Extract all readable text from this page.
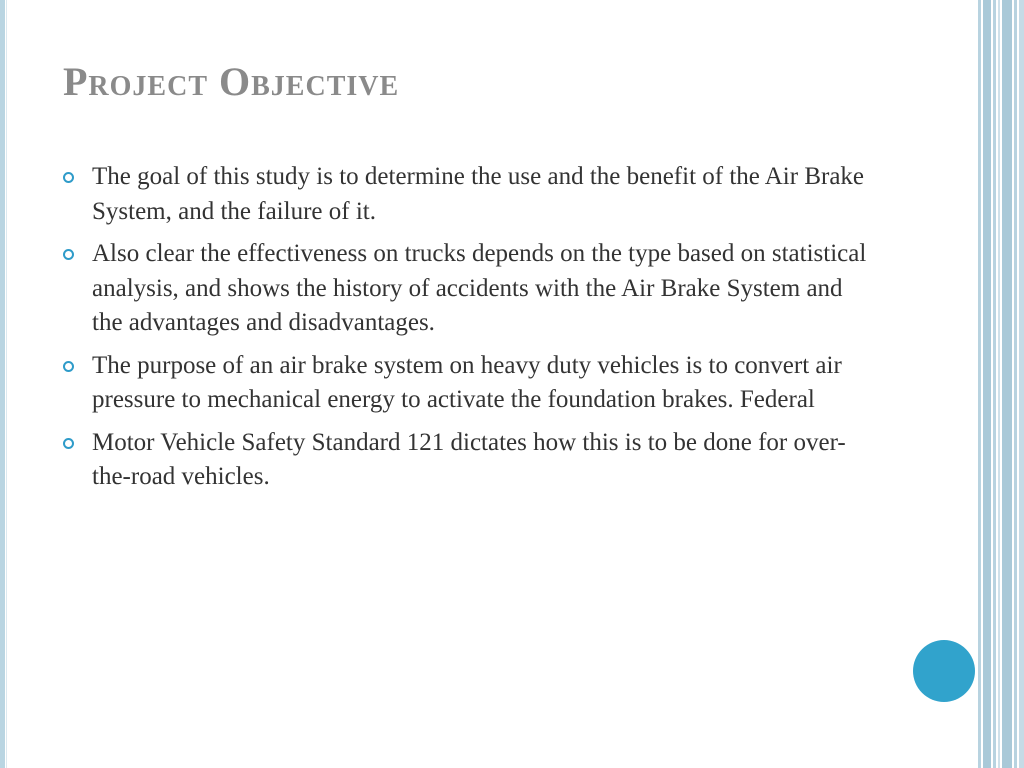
Project Objective
The goal of this study is to determine the use and the benefit of the Air Brake System, and the failure of it.
Also clear the effectiveness on trucks depends on the type based on statistical analysis, and shows the history of accidents with the Air Brake System and the advantages and disadvantages.
The purpose of an air brake system on heavy duty vehicles is to convert air pressure to mechanical energy to activate the foundation brakes. Federal
Motor Vehicle Safety Standard 121 dictates how this is to be done for over-the-road vehicles.
